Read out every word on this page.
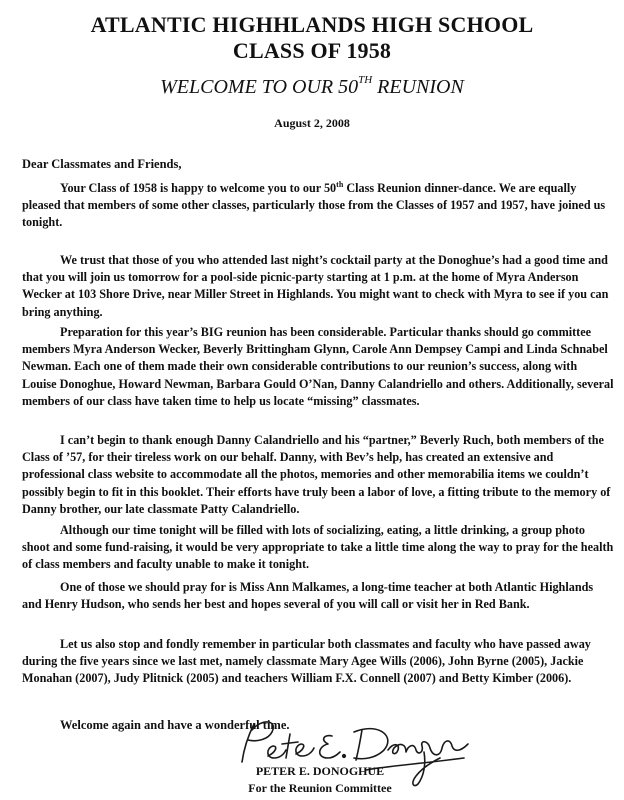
ATLANTIC HIGHHLANDS HIGH SCHOOL
CLASS OF 1958
WELCOME TO OUR 50TH REUNION
August 2, 2008
Dear Classmates and Friends,
Your Class of 1958 is happy to welcome you to our 50th Class Reunion dinner-dance. We are equally pleased that members of some other classes, particularly those from the Classes of 1957 and 1957, have joined us tonight.
We trust that those of you who attended last night’s cocktail party at the Donoghue’s had a good time and that you will join us tomorrow for a pool-side picnic-party starting at 1 p.m. at the home of Myra Anderson Wecker at 103 Shore Drive, near Miller Street in Highlands. You might want to check with Myra to see if you can bring anything.
Preparation for this year’s BIG reunion has been considerable. Particular thanks should go committee members Myra Anderson Wecker, Beverly Brittingham Glynn, Carole Ann Dempsey Campi and Linda Schnabel Newman. Each one of them made their own considerable contributions to our reunion’s success, along with Louise Donoghue, Howard Newman, Barbara Gould O’Nan, Danny Calandriello and others. Additionally, several members of our class have taken time to help us locate “missing” classmates.
I can’t begin to thank enough Danny Calandriello and his “partner,” Beverly Ruch, both members of the Class of ’57, for their tireless work on our behalf. Danny, with Bev’s help, has created an extensive and professional class website to accommodate all the photos, memories and other memorabilia items we couldn’t possibly begin to fit in this booklet. Their efforts have truly been a labor of love, a fitting tribute to the memory of Danny brother, our late classmate Patty Calandriello.
Although our time tonight will be filled with lots of socializing, eating, a little drinking, a group photo shoot and some fund-raising, it would be very appropriate to take a little time along the way to pray for the health of class members and faculty unable to make it tonight.
One of those we should pray for is Miss Ann Malkames, a long-time teacher at both Atlantic Highlands and Henry Hudson, who sends her best and hopes several of you will call or visit her in Red Bank.
Let us also stop and fondly remember in particular both classmates and faculty who have passed away during the five years since we last met, namely classmate Mary Agee Wills (2006), John Byrne (2005), Jackie Monahan (2007), Judy Plitnick (2005) and teachers William F.X. Connell (2007) and Betty Kimber (2006).
Welcome again and have a wonderful time.
PETER E. DONOGHUE
For the Reunion Committee
